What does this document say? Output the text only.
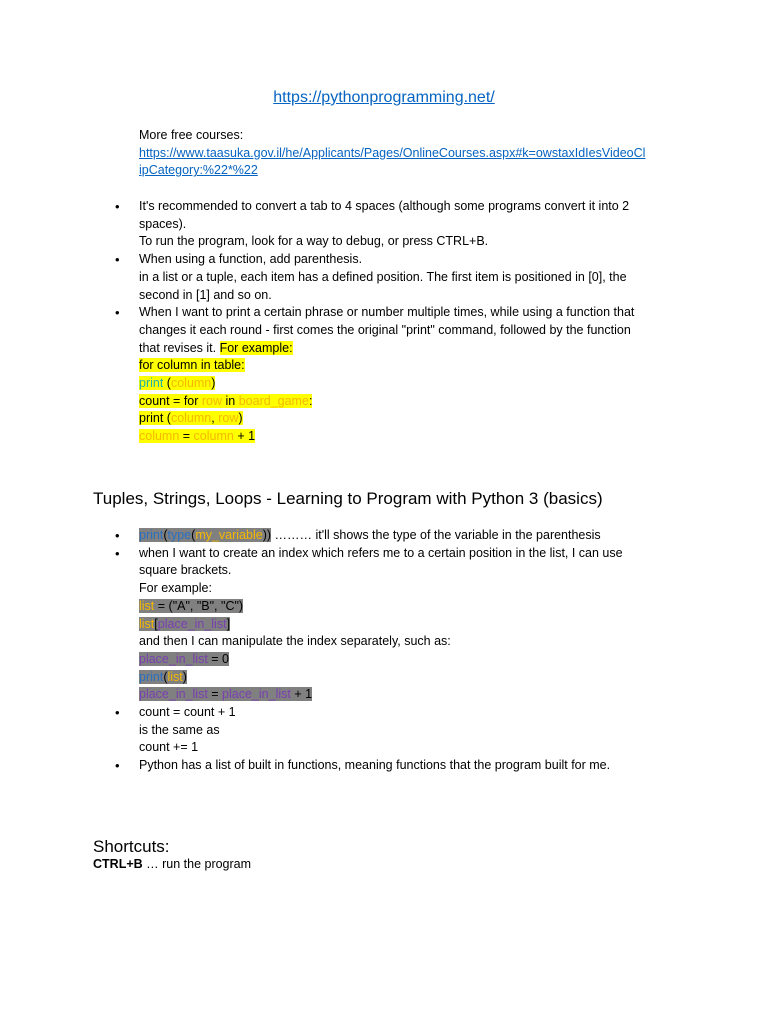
https://pythonprogramming.net/
More free courses:
https://www.taasuka.gov.il/he/Applicants/Pages/OnlineCourses.aspx#k=owstaxIdIesVideoCl
ipCategory:%22*%22
• It's recommended to convert a tab to 4 spaces (although some programs convert it into 2
spaces).
To run the program, look for a way to debug, or press CTRL+B.
• When using a function, add parenthesis.
in a list or a tuple, each item has a defined position. The first item is positioned in [0], the
second in [1] and so on.
• When I want to print a certain phrase or number multiple times, while using a function that
changes it each round - first comes the original "print" command, followed by the function
that revises it. For example:
for column in table:
print (column)
count = for row in board_game:
print (column, row)
column = column + 1
Tuples, Strings, Loops - Learning to Program with Python 3 (basics)
• print(type(my_variable)) ……… it'll shows the type of the variable in the parenthesis
• when I want to create an index which refers me to a certain position in the list, I can use
square brackets.
For example:
list = ("A", "B", "C")
list[place_in_list]
and then I can manipulate the index separately, such as:
place_in_list = 0
print(list)
place_in_list = place_in_list + 1
• count = count + 1
is the same as
count += 1
• Python has a list of built in functions, meaning functions that the program built for me.
Shortcuts:
CTRL+B … run the program
